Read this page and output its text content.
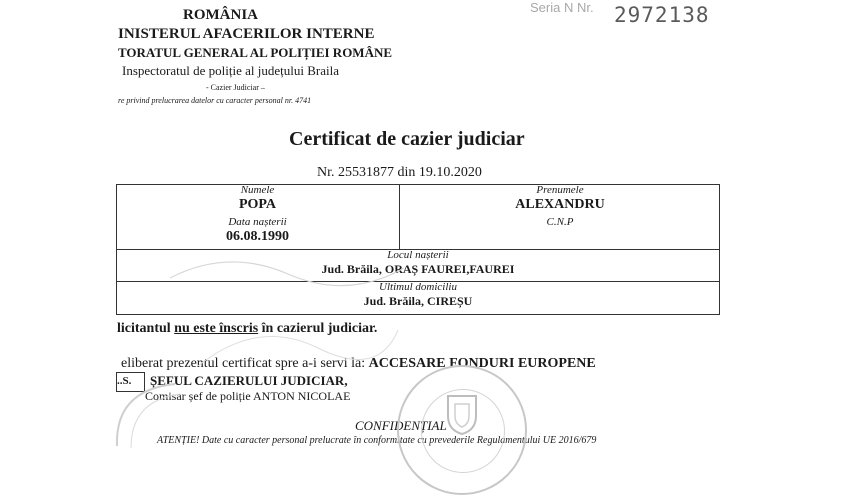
ROMÂNIA
INISTERUL AFACERILOR INTERNE
TORATUL GENERAL AL POLIȚIEI ROMÂNE
Inspectoratul de poliție al județului Braila
- Cazier Judiciar –
re privind prelucrarea datelor cu caracter personal nr. 4741
Seria N Nr. 2972138
Certificat de cazier judiciar
Nr. 25531877 din 19.10.2020
Numele
POPA
Prenumele
ALEXANDRU
Data nașterii
06.08.1990
C.N.P
Locul nașterii
Jud. Brăila, ORAȘ FAUREI,FAUREI
Ultimul domiciliu
Jud. Brăila, CIREȘU
licitantul nu este înscris în cazierul judiciar.
eliberat prezentul certificat spre a-i servi la: ACCESARE FONDURI EUROPENE
..S. ȘEFUL CAZIERULUI JUDICIAR,
Comisar șef de poliție ANTON NICOLAE
CONFIDENȚIAL
ATENȚIE! Date cu caracter personal prelucrate în conformitate cu prevederile Regulamentului UE 2016/679
